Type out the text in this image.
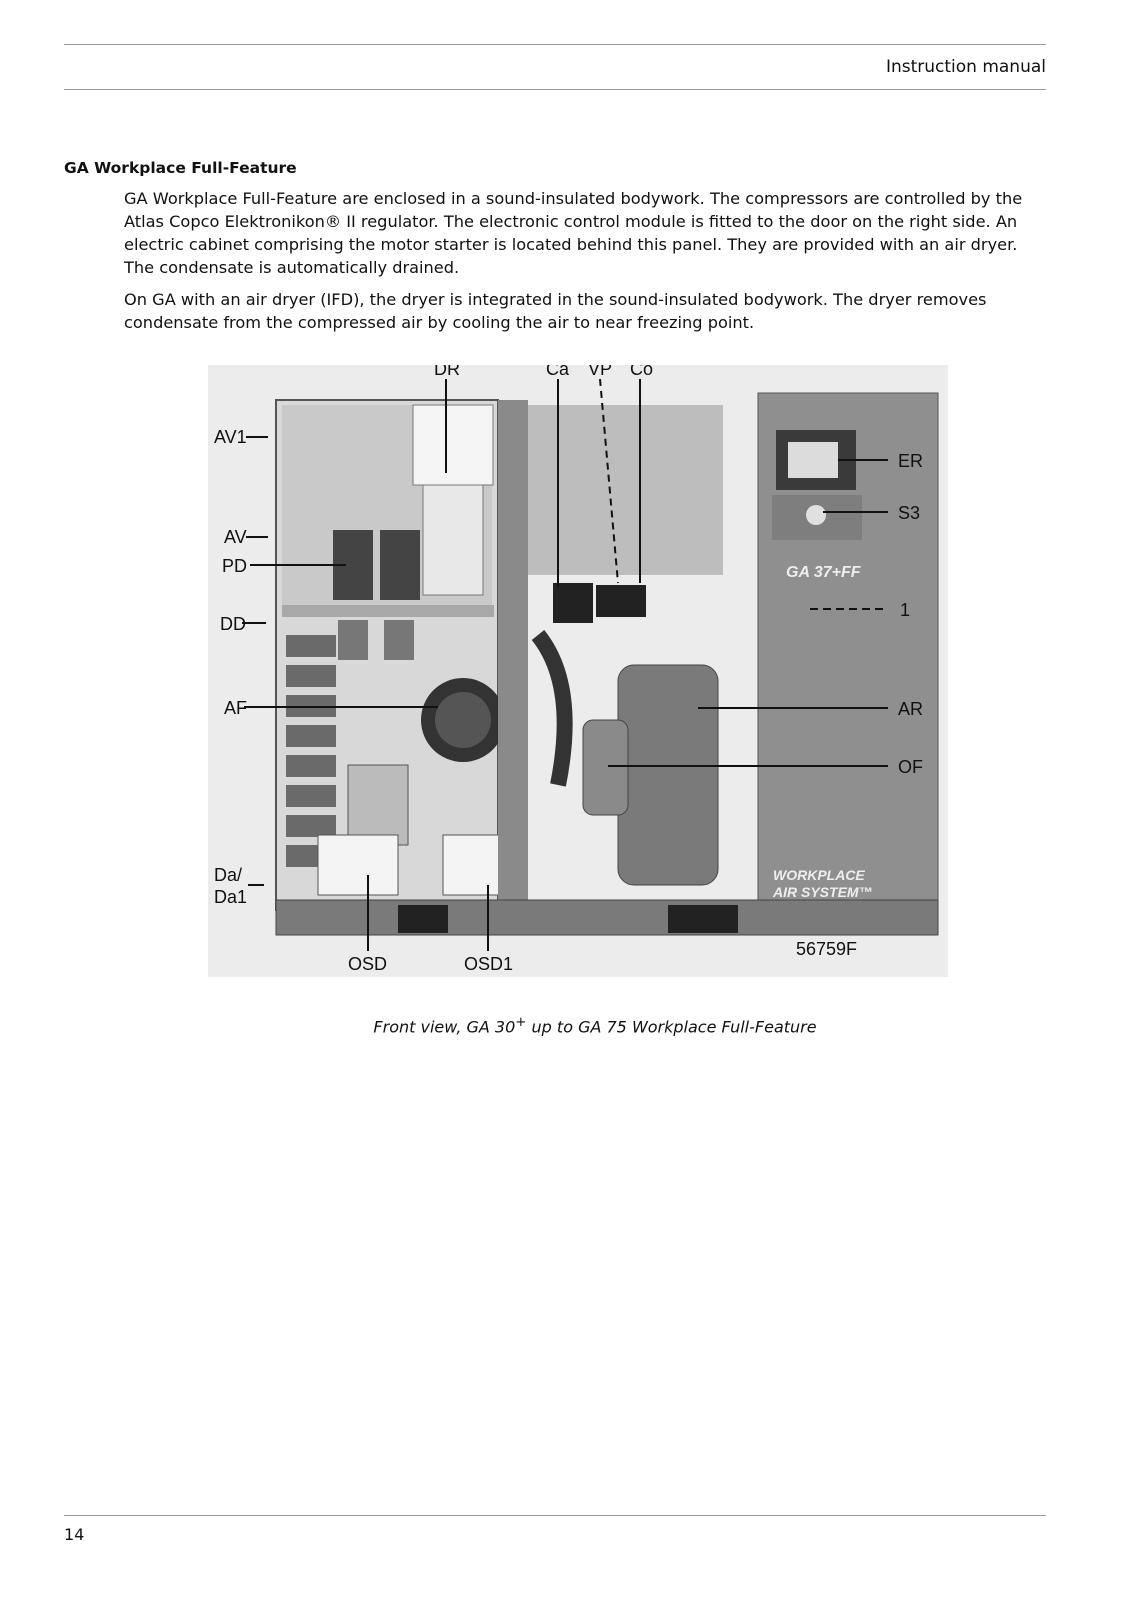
Instruction manual
GA Workplace Full-Feature

GA Workplace Full-Feature are enclosed in a sound-insulated bodywork. The compressors are controlled by the Atlas Copco Elektronikon® II regulator. The electronic control module is fitted to the door on the right side. An electric cabinet comprising the motor starter is located behind this panel. They are provided with an air dryer. The condensate is automatically drained.

On GA with an air dryer (IFD), the dryer is integrated in the sound-insulated bodywork. The dryer removes condensate from the compressed air by cooling the air to near freezing point.

GA 37+FF
WORKPLACE
AIR SYSTEM™
DR	Ca VP Co
AV1
AV
PD
DD
AF
Da/
Da1
OSD	OSD1
ER
S3
1
AR
OF
56759F
Front view, GA 30+ up to GA 75 Workplace Full-Feature
14
